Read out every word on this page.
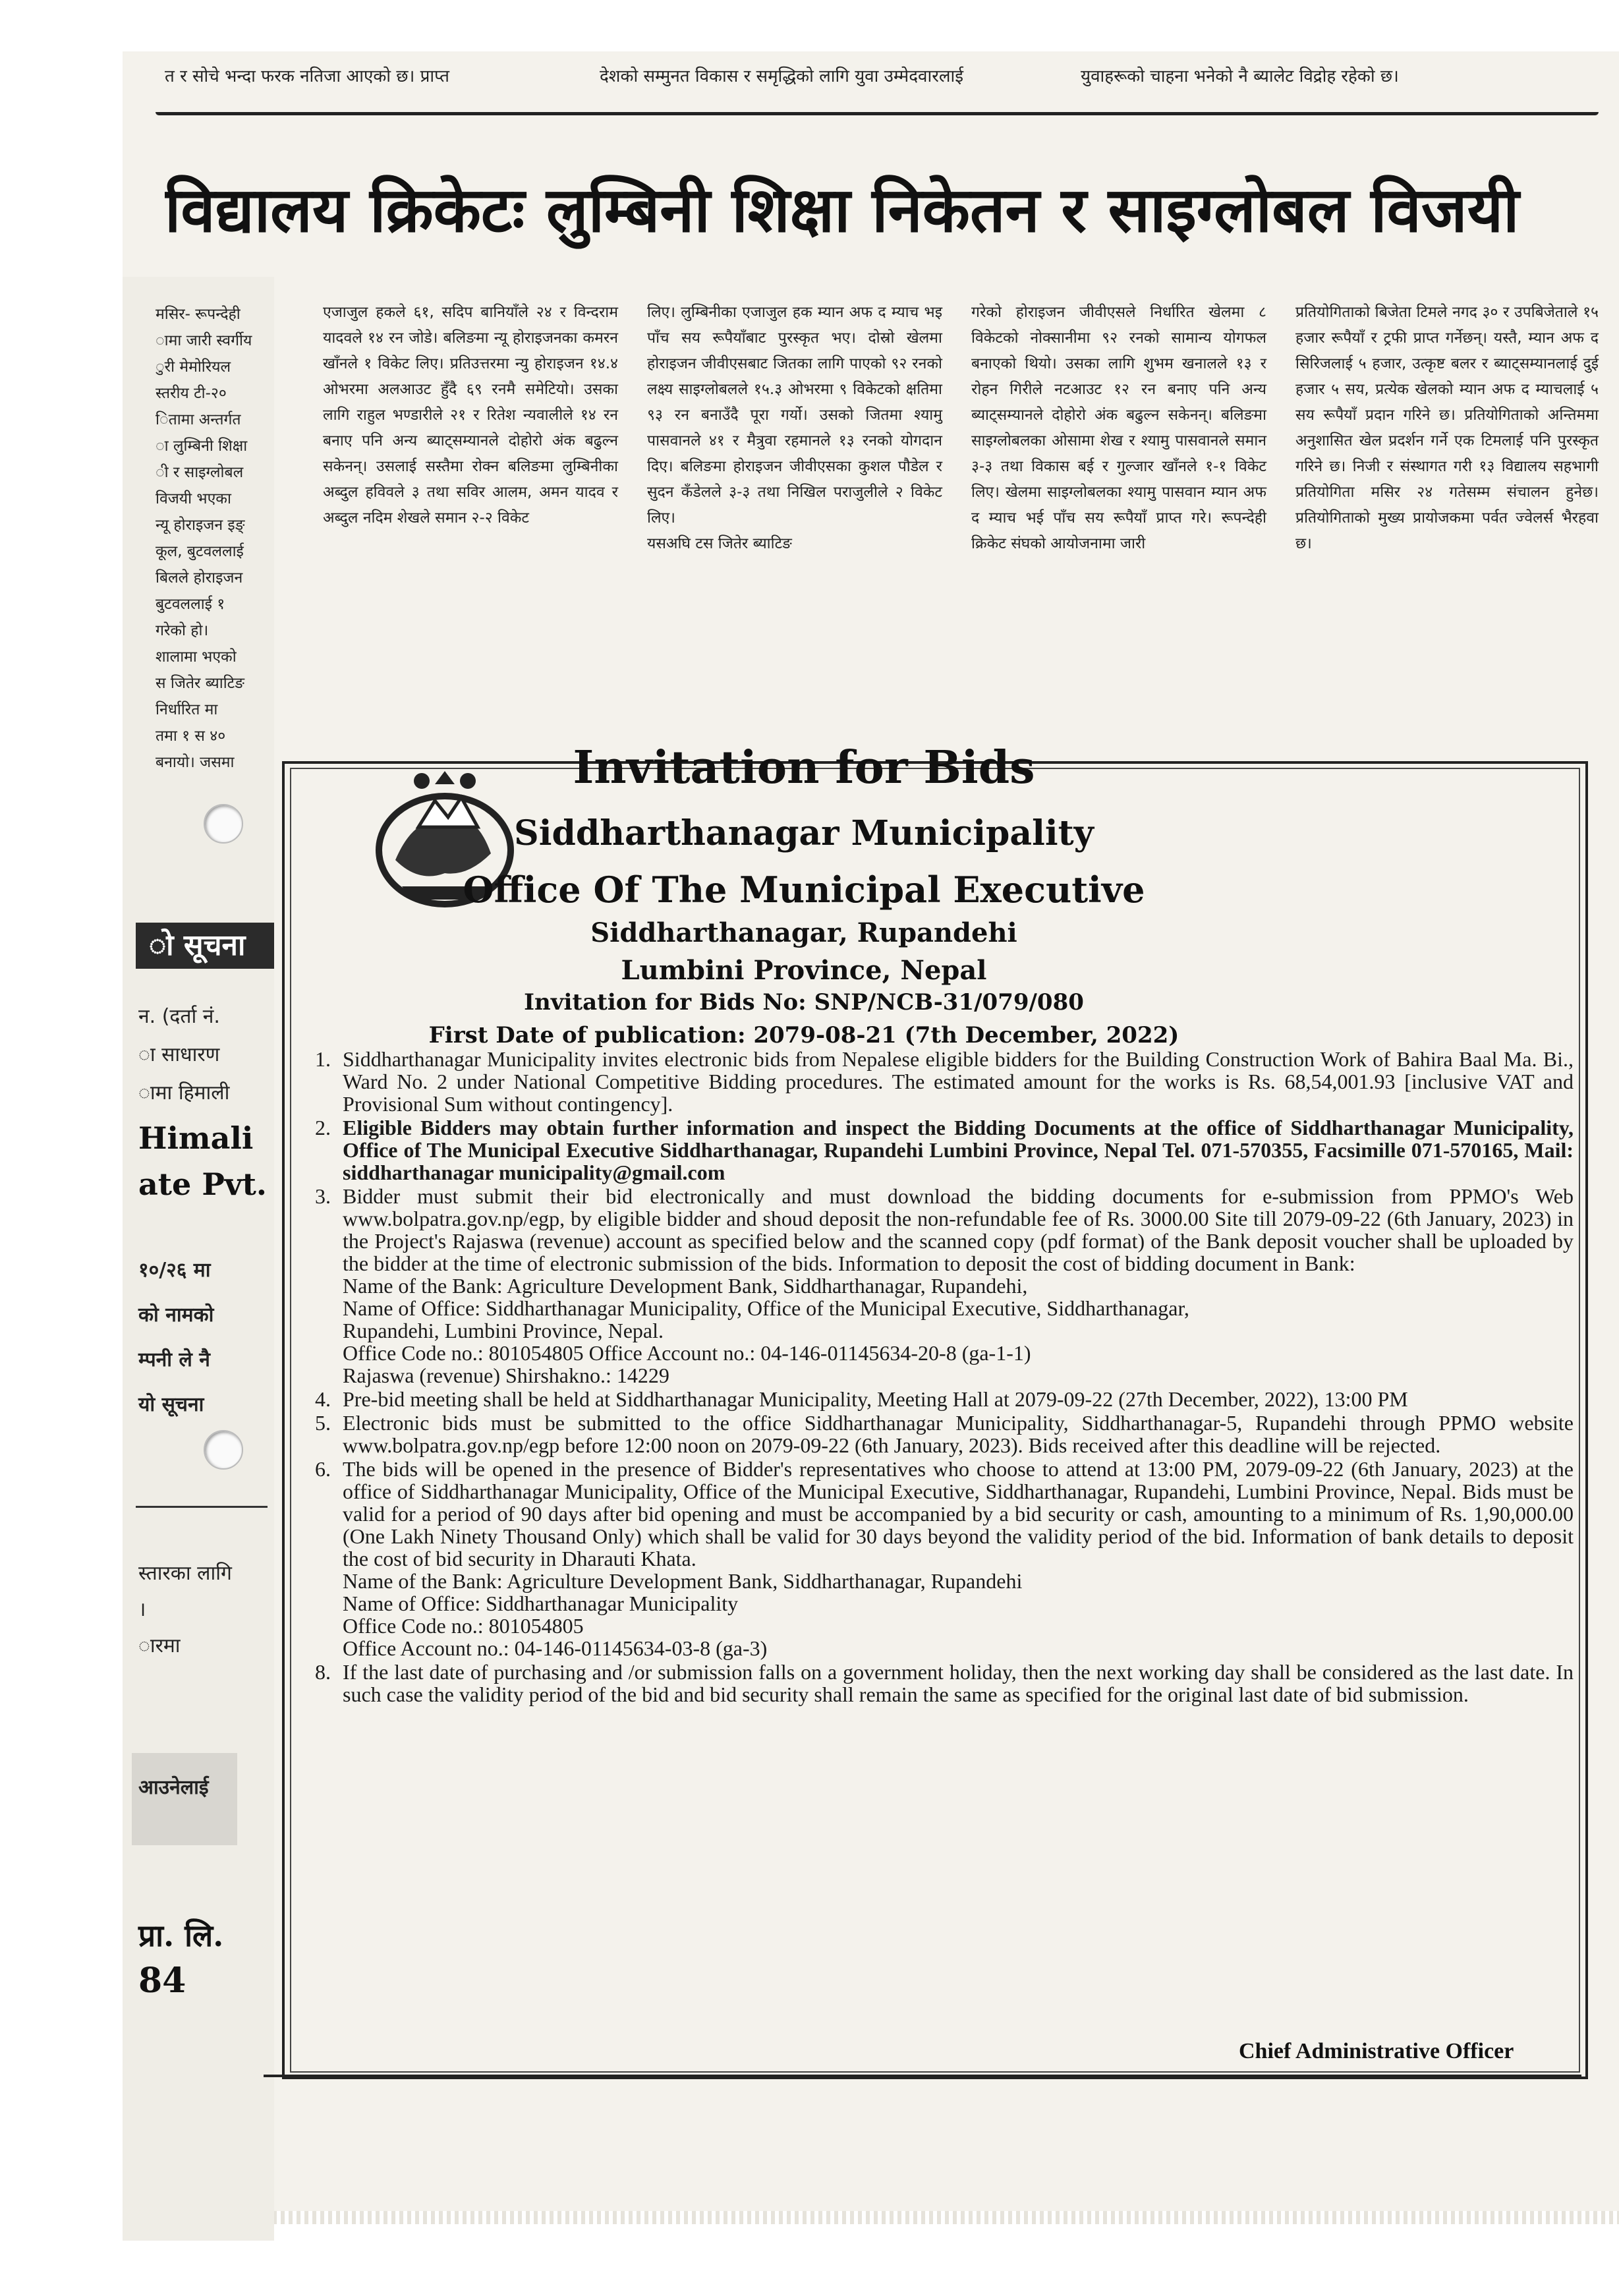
त र सोचे भन्दा फरक नतिजा आएको छ। प्राप्त	देशको सम्मुनत विकास र समृद्धिको लागि युवा उम्मेदवारलाई	युवाहरूको चाहना भनेको नै ब्यालेट विद्रोह रहेको छ।
विद्यालय क्रिकेटः लुम्बिनी शिक्षा निकेतन र साइग्लोबल विजयी
मसिर- रूपन्देही
ामा जारी स्वर्गीय
ुरी मेमोरियल
स्तरीय टी-२०
ितामा अन्तर्गत
ा लुम्बिनी शिक्षा
ी र साइग्लोबल
विजयी भएका
न्यू होराइजन इङ्
कूल, बुटवललाई
बिलले होराइजन
बुटवललाई १
गरेको हो।
शालामा भएको
स जितेर ब्याटिङ
निर्धारित मा
तमा १ स ४०
बनायो। जसमा
एजाजुल हकले ६१, सदिप बानियाँले २४ र विन्दराम यादवले १४ रन जोडे। बलिङमा न्यू होराइजनका कमरन खाँनले १ विकेट लिए। प्रतिउत्तरमा न्यु होराइजन १४.४ ओभरमा अलआउट हुँदै ६९ रनमै समेटियो। उसका लागि राहुल भण्डारीले २१ र रितेश न्यवालीले १४ रन बनाए पनि अन्य ब्याट्सम्यानले दोहोरो अंक बढुल्न सकेनन्। उसलाई सस्तैमा रोक्न बलिङमा लुम्बिनीका अब्दुल हविवले ३ तथा सविर आलम, अमन यादव र अब्दुल नदिम शेखले समान २-२ विकेट
लिए। लुम्बिनीका एजाजुल हक म्यान अफ द म्याच भइ पाँच सय रूपैयाँबाट पुरस्कृत भए। दोस्रो खेलमा होराइजन जीवीएसबाट जितका लागि पाएको ९२ रनको लक्ष्य साइग्लोबलले १५.३ ओभरमा ९ विकेटको क्षतिमा ९३ रन बनाउँदै पूरा गर्यो। उसको जितमा श्यामु पासवानले ४१ र मैत्रुवा रहमानले १३ रनको योगदान दिए। बलिङमा होराइजन जीवीएसका कुशल पौडेल र सुदन कँडेलले ३-३ तथा निखिल पराजुलीले २ विकेट लिए।
यसअघि टस जितेर ब्याटिङ
गरेको होराइजन जीवीएसले निर्धारित खेलमा ८ विकेटको नोक्सानीमा ९२ रनको सामान्य योगफल बनाएको थियो। उसका लागि शुभम खनालले १३ र रोहन गिरीले नटआउट १२ रन बनाए पनि अन्य ब्याट्सम्यानले दोहोरो अंक बढुल्न सकेनन्। बलिङमा साइग्लोबलका ओसामा शेख र श्यामु पासवानले समान ३-३ तथा विकास बर्ई र गुल्जार खाँनले १-१ विकेट लिए। खेलमा साइग्लोबलका श्यामु पासवान म्यान अफ द म्याच भई पाँच सय रूपैयाँ प्राप्त गरे। रूपन्देही क्रिकेट संघको आयोजनामा जारी
प्रतियोगिताको बिजेता टिमले नगद ३० र उपबिजेताले १५ हजार रूपैयाँ र ट्रफी प्राप्त गर्नेछन्। यस्तै, म्यान अफ द सिरिजलाई ५ हजार, उत्कृष्ट बलर र ब्याट्सम्यानलाई दुई हजार ५ सय, प्रत्येक खेलको म्यान अफ द म्याचलाई ५ सय रूपैयाँ प्रदान गरिने छ। प्रतियोगिताको अन्तिममा अनुशासित खेल प्रदर्शन गर्ने एक टिमलाई पनि पुरस्कृत गरिने छ। निजी र संस्थागत गरी १३ विद्यालय सहभागी प्रतियोगिता मसिर २४ गतेसम्म संचालन हुनेछ। प्रतियोगिताको मुख्य प्रायोजकमा पर्वत ज्वेलर्स भैरहवा छ।
ो सूचना
न. (दर्ता नं.
ा साधारण
ामा हिमाली
Himali
ate Pvt.
१०/२६ मा
को नामको
म्पनी ले नै
यो सूचना
स्तारका लागि
।
ारमा
आउनेलाई
प्रा. लि.
84
Invitation for Bids
Siddharthanagar Municipality
Office Of The Municipal Executive
Siddharthanagar, Rupandehi
Lumbini Province, Nepal
Invitation for Bids No: SNP/NCB-31/079/080
First Date of publication: 2079-08-21 (7th December, 2022)
1. Siddharthanagar Municipality invites electronic bids from Nepalese eligible bidders for the Building Construction Work of Bahira Baal Ma. Bi., Ward No. 2 under National Competitive Bidding procedures. The estimated amount for the works is Rs. 68,54,001.93 [inclusive VAT and Provisional Sum without contingency].
2. Eligible Bidders may obtain further information and inspect the Bidding Documents at the office of Siddharthanagar Municipality, Office of The Municipal Executive Siddharthanagar, Rupandehi Lumbini Province, Nepal Tel. 071-570355, Facsimille 071-570165, Mail: siddharthanagar municipality@gmail.com
3. Bidder must submit their bid electronically and must download the bidding documents for e-submission from PPMO's Web www.bolpatra.gov.np/egp, by eligible bidder and shoud deposit the non-refundable fee of Rs. 3000.00 Site till 2079-09-22 (6th January, 2023) in the Project's Rajaswa (revenue) account as specified below and the scanned copy (pdf format) of the Bank deposit voucher shall be uploaded by the bidder at the time of electronic submission of the bids. Information to deposit the cost of bidding document in Bank:
Name of the Bank: Agriculture Development Bank, Siddharthanagar, Rupandehi,
Name of Office: Siddharthanagar Municipality, Office of the Municipal Executive, Siddharthanagar,
Rupandehi, Lumbini Province, Nepal.
Office Code no.: 801054805 Office Account no.: 04-146-01145634-20-8 (ga-1-1)
Rajaswa (revenue) Shirshakno.: 14229
4. Pre-bid meeting shall be held at Siddharthanagar Municipality, Meeting Hall at 2079-09-22 (27th December, 2022), 13:00 PM
5. Electronic bids must be submitted to the office Siddharthanagar Municipality, Siddharthanagar-5, Rupandehi through PPMO website www.bolpatra.gov.np/egp before 12:00 noon on 2079-09-22 (6th January, 2023). Bids received after this deadline will be rejected.
6. The bids will be opened in the presence of Bidder's representatives who choose to attend at 13:00 PM, 2079-09-22 (6th January, 2023) at the office of Siddharthanagar Municipality, Office of the Municipal Executive, Siddharthanagar, Rupandehi, Lumbini Province, Nepal. Bids must be valid for a period of 90 days after bid opening and must be accompanied by a bid security or cash, amounting to a minimum of Rs. 1,90,000.00 (One Lakh Ninety Thousand Only) which shall be valid for 30 days beyond the validity period of the bid. Information of bank details to deposit the cost of bid security in Dharauti Khata.
Name of the Bank: Agriculture Development Bank, Siddharthanagar, Rupandehi
Name of Office: Siddharthanagar Municipality
Office Code no.: 801054805
Office Account no.: 04-146-01145634-03-8 (ga-3)
8. If the last date of purchasing and /or submission falls on a government holiday, then the next working day shall be considered as the last date. In such case the validity period of the bid and bid security shall remain the same as specified for the original last date of bid submission.
Chief Administrative Officer
